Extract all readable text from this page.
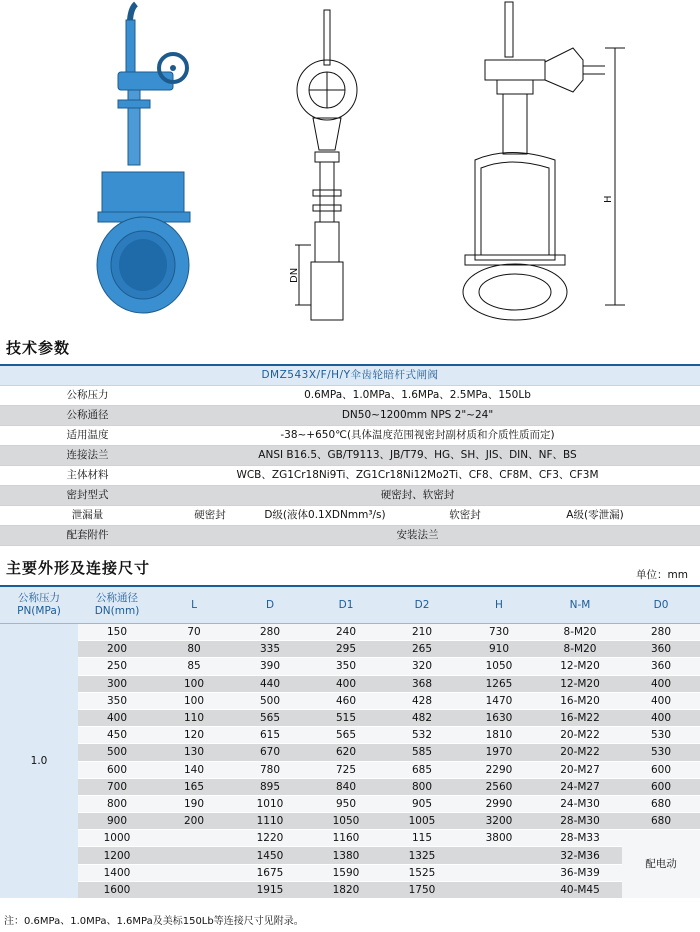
DN
H
技术参数
DMZ543X/F/H/Y伞齿轮暗杆式闸阀
公称压力	0.6MPa、1.0MPa、1.6MPa、2.5MPa、150Lb
公称通径	DN50~1200mm NPS 2"~24"
适用温度	-38~+650℃(具体温度范围视密封副材质和介质性质而定)
连接法兰	ANSI B16.5、GB/T9113、JB/T79、HG、SH、JIS、DIN、NF、BS
主体材料	WCB、ZG1Cr18Ni9Ti、ZG1Cr18Ni12Mo2Ti、CF8、CF8M、CF3、CF3M
密封型式	硬密封、软密封
泄漏量	硬密封	D级(液体0.1XDNmm³/s)	软密封	A级(零泄漏)
配套附件	安装法兰
主要外形及连接尺寸	单位：mm
公称压力
PN(MPa)	公称通径
DN(mm)	L	D	D1	D2	H	N-M	D0
1.0	150	70	280	240	210	730	8-M20	280
	200	80	335	295	265	910	8-M20	360
	250	85	390	350	320	1050	12-M20	360
	300	100	440	400	368	1265	12-M20	400
	350	100	500	460	428	1470	16-M20	400
	400	110	565	515	482	1630	16-M22	400
	450	120	615	565	532	1810	20-M22	530
	500	130	670	620	585	1970	20-M22	530
	600	140	780	725	685	2290	20-M27	600
	700	165	895	840	800	2560	24-M27	600
	800	190	1010	950	905	2990	24-M30	680
	900	200	1110	1050	1005	3200	28-M30	680
	1000		1220	1160	115	3800	28-M33	配电动
	1200		1450	1380	1325		32-M36	
	1400		1675	1590	1525		36-M39	
	1600		1915	1820	1750		40-M45	
注：0.6MPa、1.0MPa、1.6MPa及美标150Lb等连接尺寸见附录。
